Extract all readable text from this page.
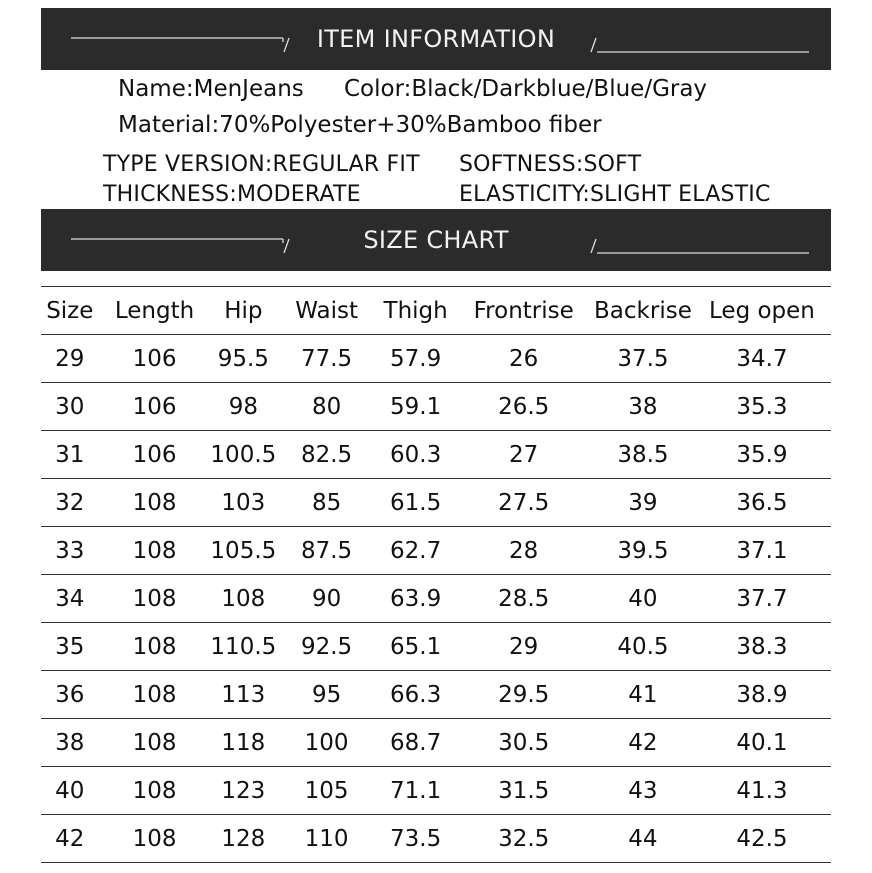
ITEM INFORMATION
Name:MenJeans Color:Black/Darkblue/Blue/Gray
Material:70%Polyester+30%Bamboo fiber
TYPE VERSION:REGULAR FIT SOFTNESS:SOFT
THICKNESS:MODERATE	ELASTICITY:SLIGHT ELASTIC
SIZE CHART
Size	Length	Hip	Waist	Thigh	Frontrise	Backrise	Leg open
29	106	95.5	77.5	57.9	26	37.5	34.7
30	106	98	80	59.1	26.5	38	35.3
31	106	100.5	82.5	60.3	27	38.5	35.9
32	108	103	85	61.5	27.5	39	36.5
33	108	105.5	87.5	62.7	28	39.5	37.1
34	108	108	90	63.9	28.5	40	37.7
35	108	110.5	92.5	65.1	29	40.5	38.3
36	108	113	95	66.3	29.5	41	38.9
38	108	118	100	68.7	30.5	42	40.1
40	108	123	105	71.1	31.5	43	41.3
42	108	128	110	73.5	32.5	44	42.5
